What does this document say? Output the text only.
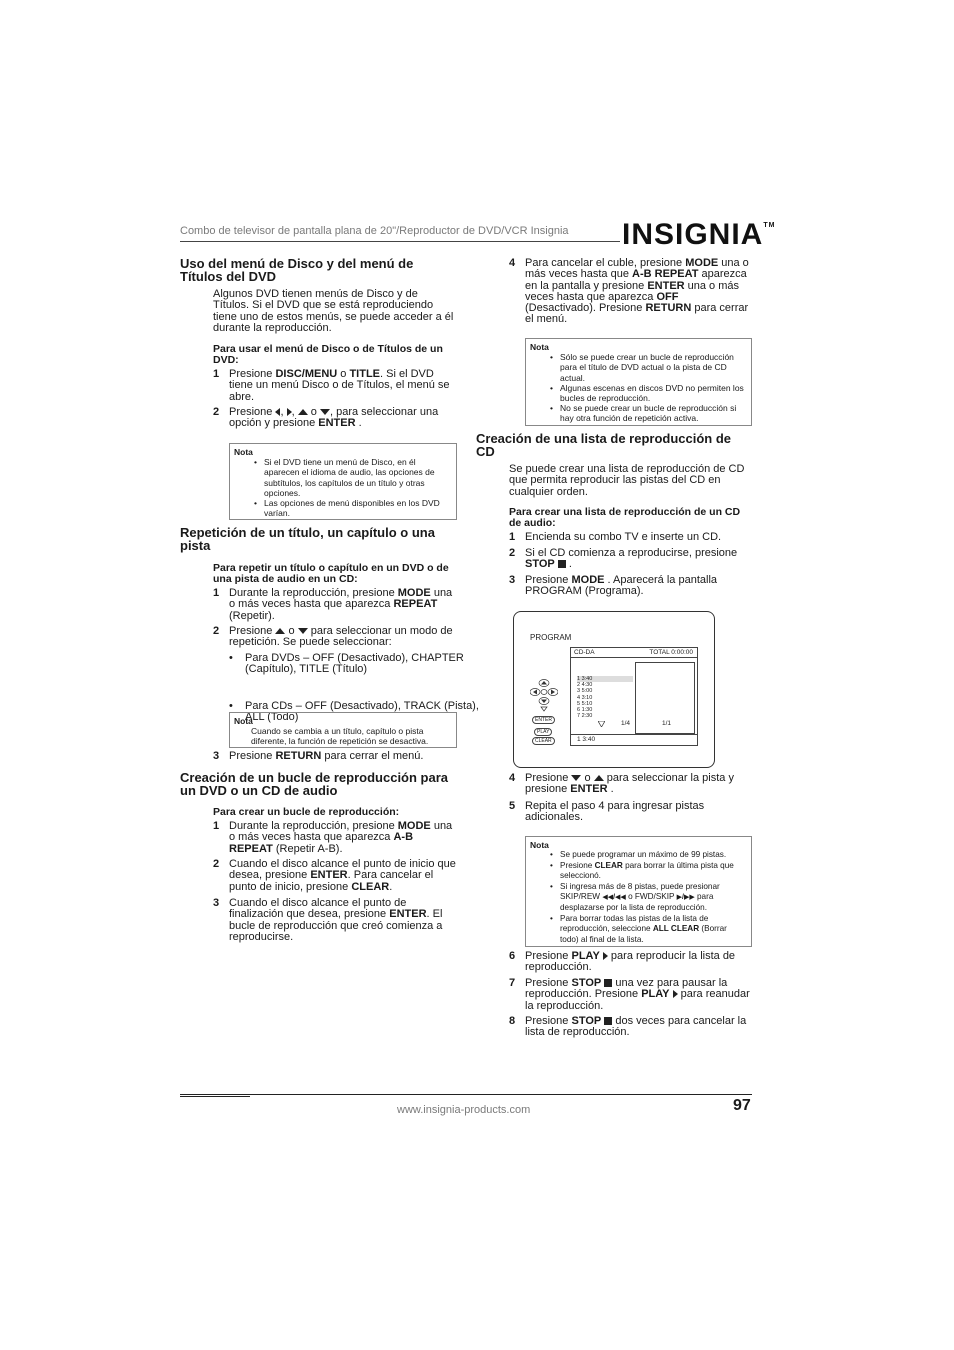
Combo de televisor de pantalla plana de 20"/Reproductor de DVD/VCR Insignia INSIGNIA™
Uso del menú de Disco y del menú de Títulos del DVD
Algunos DVD tienen menús de Disco y de Títulos. Si el DVD que se está reproduciendo tiene uno de estos menús, se puede acceder a él durante la reproducción.
Para usar el menú de Disco o de Títulos de un DVD:
1 Presione DISC/MENU o TITLE. Si el DVD tiene un menú Disco o de Títulos, el menú se abre.
2 Presione , ,  o , para seleccionar una opción y presione ENTER .
Nota
• Si el DVD tiene un menú de Disco, en él aparecen el idioma de audio, las opciones de subtítulos, los capítulos de un título y otras opciones.
• Las opciones de menú disponibles en los DVD varían.
Repetición de un título, un capítulo o una pista
Para repetir un título o capítulo en un DVD o de una pista de audio en un CD:
1 Durante la reproducción, presione MODE una o más veces hasta que aparezca REPEAT (Repetir).
2 Presione  o  para seleccionar un modo de repetición. Se puede seleccionar:
• Para DVDs – OFF (Desactivado), CHAPTER (Capítulo), TITLE (Título)
• Para CDs – OFF (Desactivado), TRACK (Pista), ALL (Todo)
Nota
Cuando se cambia a un título, capítulo o pista diferente, la función de repetición se desactiva.
3 Presione RETURN para cerrar el menú.
Creación de un bucle de reproducción para un DVD o un CD de audio
Para crear un bucle de reproducción:
1 Durante la reproducción, presione MODE una o más veces hasta que aparezca A-B REPEAT (Repetir A-B).
2 Cuando el disco alcance el punto de inicio que desea, presione ENTER. Para cancelar el punto de inicio, presione CLEAR.
3 Cuando el disco alcance el punto de finalización que desea, presione ENTER. El bucle de reproducción que creó comienza a reproducirse.
4 Para cancelar el cuble, presione MODE una o más veces hasta que A-B REPEAT aparezca en la pantalla y presione ENTER una o más veces hasta que aparezca OFF (Desactivado). Presione RETURN para cerrar el menú.
Nota
• Sólo se puede crear un bucle de reproducción para el título de DVD actual o la pista de CD actual.
• Algunas escenas en discos DVD no permiten los bucles de reproducción.
• No se puede crear un bucle de reproducción si hay otra función de repetición activa.
Creación de una lista de reproducción de CD
Se puede crear una lista de reproducción de CD que permita reproducir las pistas del CD en cualquier orden.
Para crear una lista de reproducción de un CD de audio:
1 Encienda su combo TV e inserte un CD.
2 Si el CD comienza a reproducirse, presione STOP  .
3 Presione MODE . Aparecerá la pantalla PROGRAM (Programa).
PROGRAM
ENTER
PLAY
CLEAR
CD-DA	TOTAL 0:00:00
1 3:40
2 4:30
3 5:00
4 3:10
5 5:10
6 1:30
7 2:30
1/4	1/1
1 3:40
4 Presione  o  para seleccionar la pista y presione ENTER .
5 Repita el paso 4 para ingresar pistas adicionales.
Nota
• Se puede programar un máximo de 99 pistas.
• Presione CLEAR para borrar la última pista que seleccionó.
• Si ingresa más de 8 pistas, puede presionar SKIP/REW ◀◀/◀◀ o FWD/SKIP ▶/▶▶ para desplazarse por la lista de reproducción.
• Para borrar todas las pistas de la lista de reproducción, seleccione ALL CLEAR (Borrar todo) al final de la lista.
6 Presione PLAY  para reproducir la lista de reproducción.
7 Presione STOP  una vez para pausar la reproducción. Presione PLAY  para reanudar la reproducción.
8 Presione STOP  dos veces para cancelar la lista de reproducción.
www.insignia-products.com	97
